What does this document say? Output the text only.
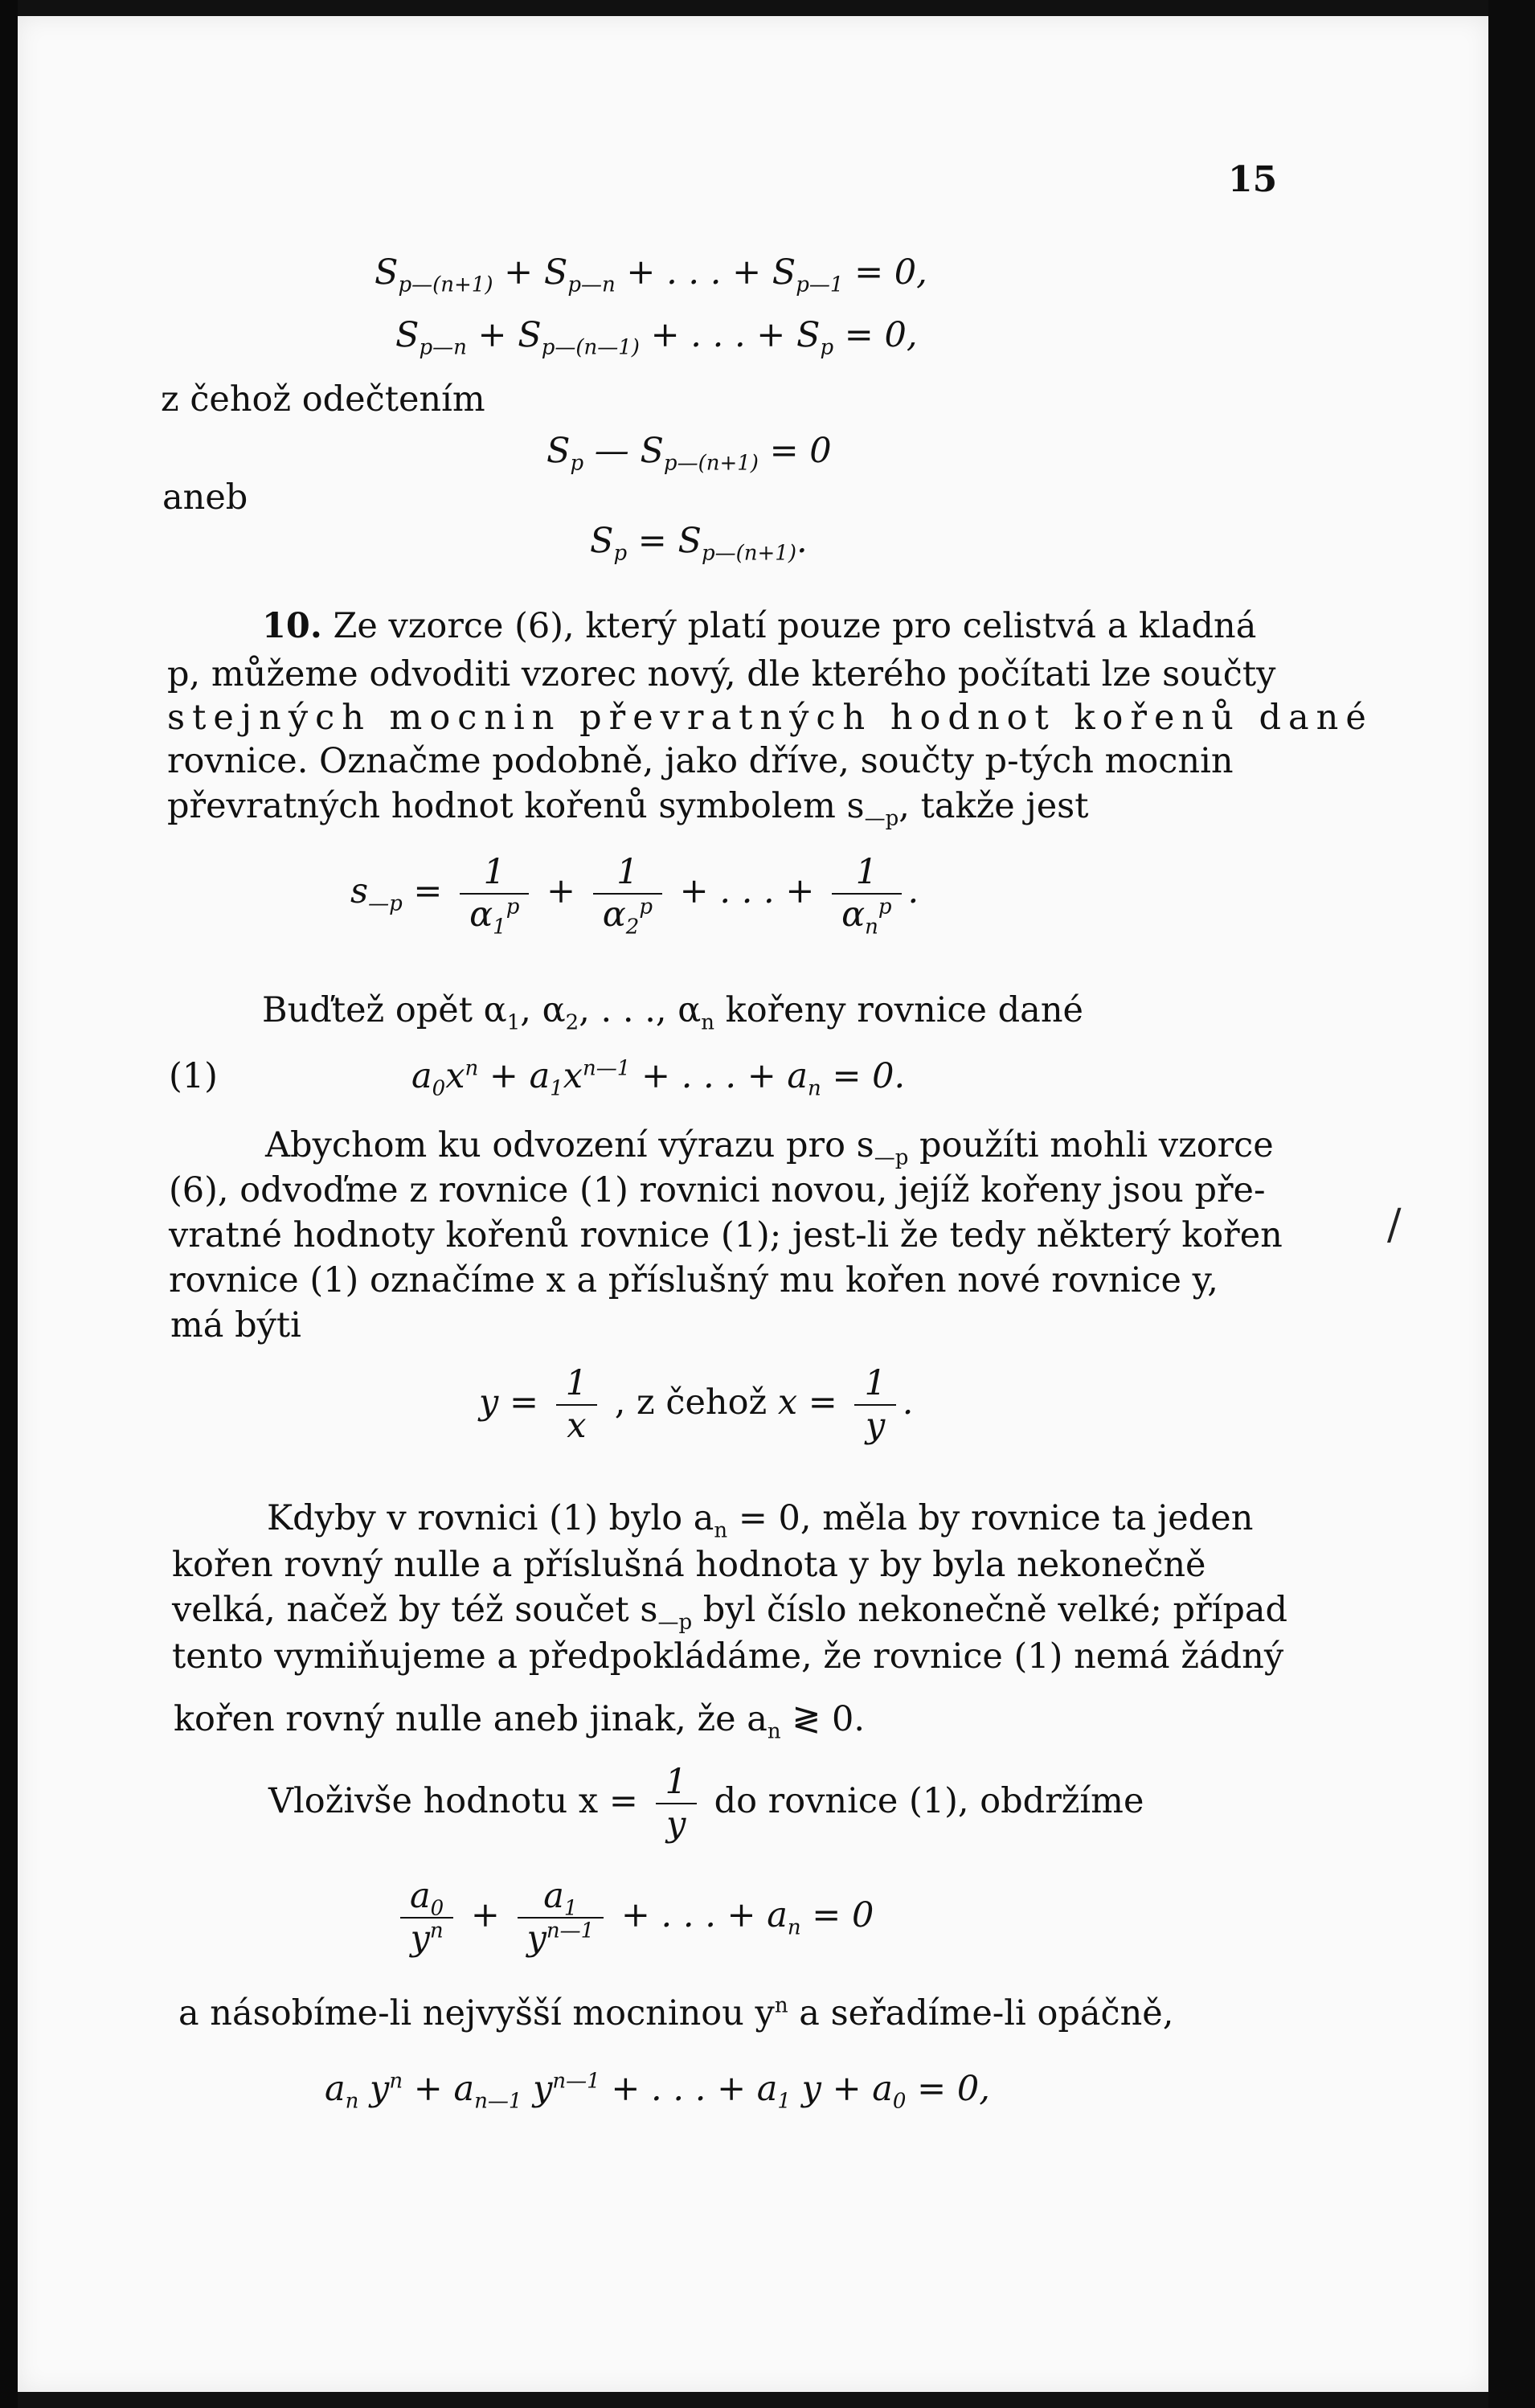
15
$S_{p—(n+1)} + S_{p—n}$ + . . . + $S_{p—1} = 0$,
$S_{p—n} + S_{p—(n—1)}$ + . . . + $S_p = 0$,
z čehož odečtením
$S_p$ — $S_{p—(n+1)} = 0$
aneb
$S_p = S_{p—(n+1)}$.
10. Ze vzorce (6), který platí pouze pro celistvá a kladná
p, můžeme odvoditi vzorec nový, dle kterého počítati lze součty
stejných mocnin převratných hodnot kořenů dané
rovnice. Označme podobně, jako dříve, součty p-tých mocnin
převratných hodnot kořenů symbolem $s_{—p}$, takže jest
$s_{—p} = \frac{1}{\alpha_1^p} + \frac{1}{\alpha_2^p}$ + . . . + $\frac{1}{\alpha_n^p}$ .
Buďtež opět $\alpha_1$, $\alpha_2$, . . ., $\alpha_n$ kořeny rovnice dané
(1)	$a_0x^n + a_1x^{n—1}$ + . . . + $a_n = 0$.
Abychom ku odvození výrazu pro $s_{—p}$ použíti mohli vzorce
(6), odvoďme z rovnice (1) rovnici novou, jejíž kořeny jsou pře-
vratné hodnoty kořenů rovnice (1); jest-li že tedy některý kořen
rovnice (1) označíme x a příslušný mu kořen nové rovnice y,
má býti
$y = \frac{1}{x}$ , z čehož $x = \frac{1}{y}$ .
Kdyby v rovnici (1) bylo $a_n = 0$, měla by rovnice ta jeden
kořen rovný nulle a příslušná hodnota y by byla nekonečně
velká, načež by též součet $s_{—p}$ byl číslo nekonečně velké; případ
tento vymiňujeme a předpokládáme, že rovnice (1) nemá žádný
kořen rovný nulle aneb jinak, že $a_n$ ≷ 0.
Vloživše hodnotu $x = \frac{1}{y}$ do rovnice (1), obdržíme
$\frac{a_0}{y^n} + \frac{a_1}{y^{n—1}}$ + . . . + $a_n = 0$
a násobíme-li nejvyšší mocninou $y^n$ a seřadíme-li opáčně,
$a_n$ $y^n + a_{n—1}$ $y^{n—1}$ + . . . + $a_1$ $y + a_0 = 0$,
/
